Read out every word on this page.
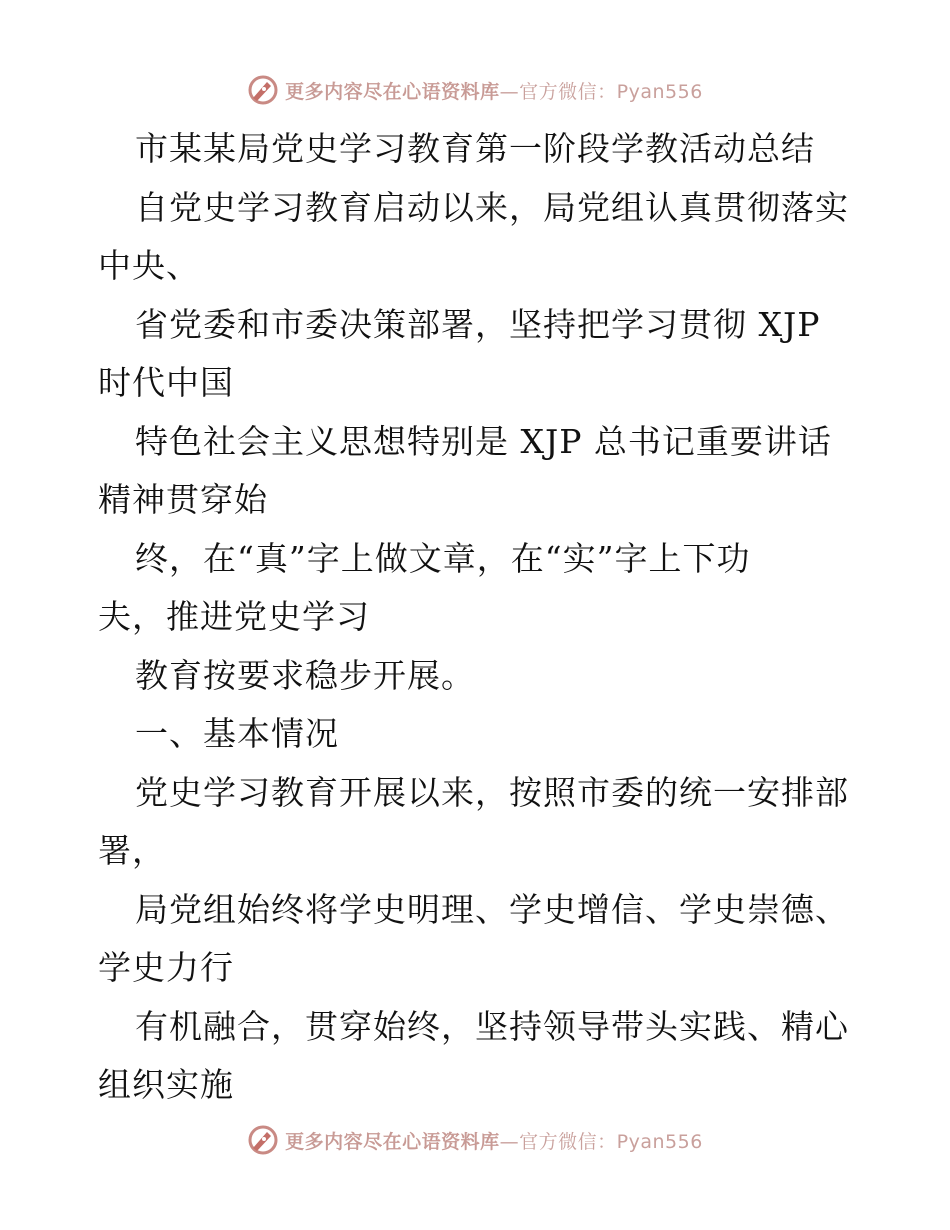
更多内容尽在心语资料库—官方微信：Pyan556
市某某局党史学习教育第一阶段学教活动总结
自党史学习教育启动以来，局党组认真贯彻落实
中央、
省党委和市委决策部署，坚持把学习贯彻 XJP
时代中国
特色社会主义思想特别是 XJP 总书记重要讲话
精神贯穿始
终，在“真”字上做文章，在“实”字上下功
夫，推进党史学习
教育按要求稳步开展。
一、基本情况
党史学习教育开展以来，按照市委的统一安排部
署，
局党组始终将学史明理、学史增信、学史崇德、
学史力行
有机融合，贯穿始终，坚持领导带头实践、精心
组织实施
更多内容尽在心语资料库—官方微信：Pyan556
